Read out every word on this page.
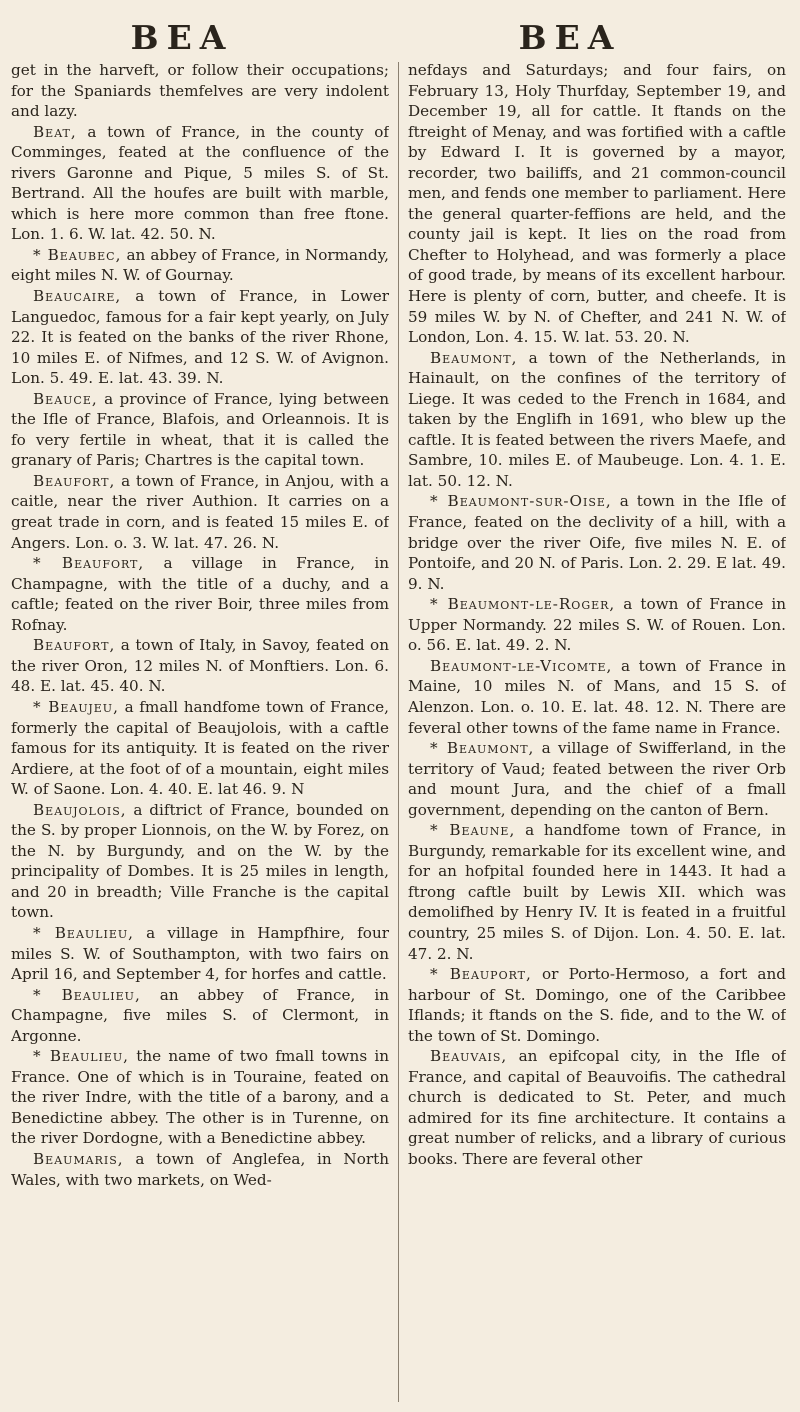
BEA	BEA

get in the harveft, or follow their occupations; for the Spaniards themfelves are very indolent and lazy.

Beat, a town of France, in the county of Comminges, feated at the confluence of the rivers Garonne and Pique, 5 miles S. of St. Bertrand. All the houfes are built with marble, which is here more common than free ftone. Lon. 1. 6. W. lat. 42. 50. N.

* Beaubec, an abbey of France, in Normandy, eight miles N. W. of Gournay.

Beaucaire, a town of France, in Lower Languedoc, famous for a fair kept yearly, on July 22. It is feated on the banks of the river Rhone, 10 miles E. of Nifmes, and 12 S. W. of Avignon. Lon. 5. 49. E. lat. 43. 39. N.

Beauce, a province of France, lying between the Ifle of France, Blafois, and Orleannois. It is fo very fertile in wheat, that it is called the granary of Paris; Chartres is the capital town.

Beaufort, a town of France, in Anjou, with a caitle, near the river Authion. It carries on a great trade in corn, and is feated 15 miles E. of Angers. Lon. o. 3. W. lat. 47. 26. N.

* Beaufort, a village in France, in Champagne, with the title of a duchy, and a caftle; feated on the river Boir, three miles from Rofnay.

Beaufort, a town of Italy, in Savoy, feated on the river Oron, 12 miles N. of Monftiers. Lon. 6. 48. E. lat. 45. 40. N.

* Beaujeu, a fmall handfome town of France, formerly the capital of Beaujolois, with a caftle famous for its antiquity. It is feated on the river Ardiere, at the foot of of a mountain, eight miles W. of Saone. Lon. 4. 40. E. lat 46. 9. N

Beaujolois, a diftrict of France, bounded on the S. by proper Lionnois, on the W. by Forez, on the N. by Burgundy, and on the W. by the principality of Dombes. It is 25 miles in length, and 20 in breadth; Ville Franche is the capital town.

* Beaulieu, a village in Hampfhire, four miles S. W. of Southampton, with two fairs on April 16, and September 4, for horfes and cattle.

* Beaulieu, an abbey of France, in Champagne, five miles S. of Clermont, in Argonne.

* Beaulieu, the name of two fmall towns in France. One of which is in Touraine, feated on the river Indre, with the title of a barony, and a Benedictine abbey. The other is in Turenne, on the river Dordogne, with a Benedictine abbey.

Beaumaris, a town of Anglefea, in North Wales, with two markets, on Wed-

nefdays and Saturdays; and four fairs, on February 13, Holy Thurfday, September 19, and December 19, all for cattle. It ftands on the ftreight of Menay, and was fortified with a caftle by Edward I. It is governed by a mayor, recorder, two bailiffs, and 21 common-council men, and fends one member to parliament. Here the general quarter-feffions are held, and the county jail is kept. It lies on the road from Chefter to Holyhead, and was formerly a place of good trade, by means of its excellent harbour. Here is plenty of corn, butter, and cheefe. It is 59 miles W. by N. of Chefter, and 241 N. W. of London, Lon. 4. 15. W. lat. 53. 20. N.

Beaumont, a town of the Netherlands, in Hainault, on the confines of the territory of Liege. It was ceded to the French in 1684, and taken by the Englifh in 1691, who blew up the caftle. It is feated between the rivers Maefe, and Sambre, 10. miles E. of Maubeuge. Lon. 4. 1. E. lat. 50. 12. N.

* Beaumont-sur-Oise, a town in the Ifle of France, feated on the declivity of a hill, with a bridge over the river Oife, five miles N. E. of Pontoife, and 20 N. of Paris. Lon. 2. 29. E lat. 49. 9. N.

* Beaumont-le-Roger, a town of France in Upper Normandy. 22 miles S. W. of Rouen. Lon. o. 56. E. lat. 49. 2. N.

Beaumont-le-Vicomte, a town of France in Maine, 10 miles N. of Mans, and 15 S. of Alenzon. Lon. o. 10. E. lat. 48. 12. N. There are feveral other towns of the fame name in France.

* Beaumont, a village of Swifferland, in the territory of Vaud; feated between the river Orb and mount Jura, and the chief of a fmall government, depending on the canton of Bern.

* Beaune, a handfome town of France, in Burgundy, remarkable for its excellent wine, and for an hofpital founded here in 1443. It had a ftrong caftle built by Lewis XII. which was demolifhed by Henry IV. It is feated in a fruitful country, 25 miles S. of Dijon. Lon. 4. 50. E. lat. 47. 2. N.

* Beauport, or Porto-Hermoso, a fort and harbour of St. Domingo, one of the Caribbee Iflands; it ftands on the S. fide, and to the W. of the town of St. Domingo.

Beauvais, an epifcopal city, in the Ifle of France, and capital of Beauvoifis. The cathedral church is dedicated to St. Peter, and much admired for its fine architecture. It contains a great number of relicks, and a library of curious books. There are feveral other
